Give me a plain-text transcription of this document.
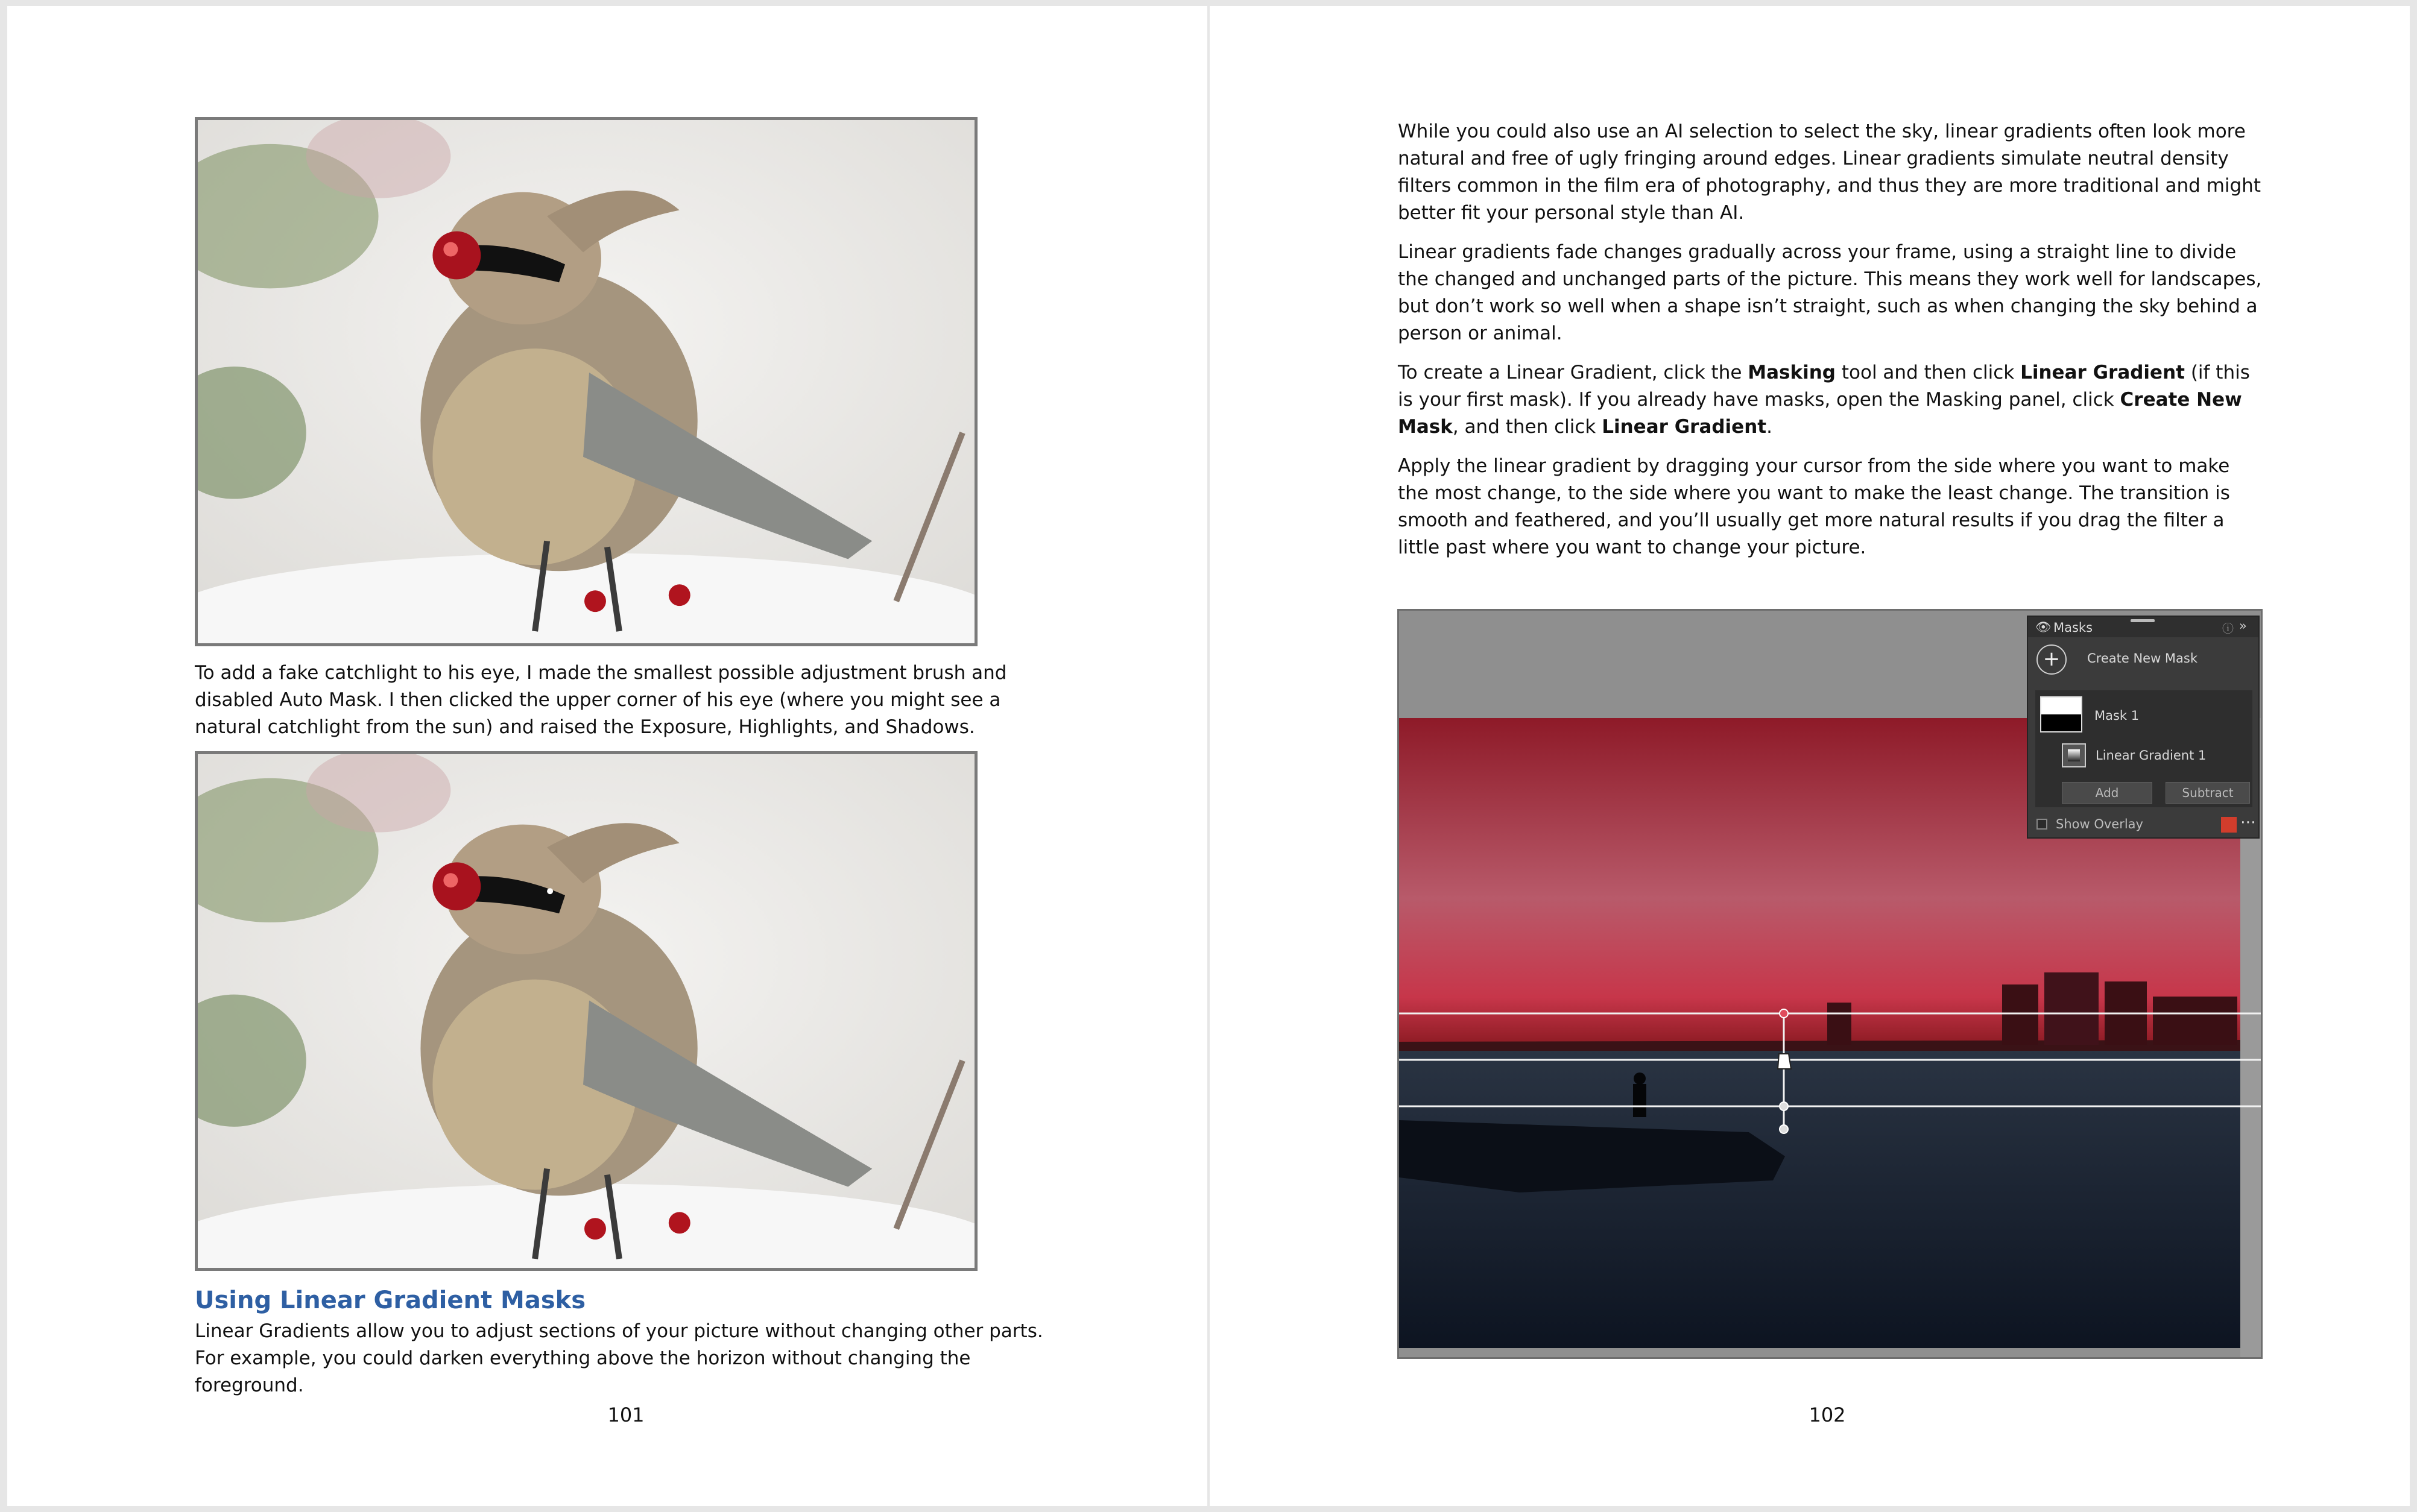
To add a fake catchlight to his eye, I made the smallest possible adjustment brush and disabled Auto Mask. I then clicked the upper corner of his eye (where you might see a natural catchlight from the sun) and raised the Exposure, Highlights, and Shadows.

Using Linear Gradient Masks

Linear Gradients allow you to adjust sections of your picture without changing other parts. For example, you could darken everything above the horizon without changing the foreground.

101

While you could also use an AI selection to select the sky, linear gradients often look more natural and free of ugly fringing around edges. Linear gradients simulate neutral density filters common in the film era of photography, and thus they are more traditional and might better fit your personal style than AI.

Linear gradients fade changes gradually across your frame, using a straight line to divide the changed and unchanged parts of the picture. This means they work well for landscapes, but don’t work so well when a shape isn’t straight, such as when changing the sky behind a person or animal.

To create a Linear Gradient, click the Masking tool and then click Linear Gradient (if this is your first mask). If you already have masks, open the Masking panel, click Create New Mask, and then click Linear Gradient.

Apply the linear gradient by dragging your cursor from the side where you want to make the most change, to the side where you want to make the least change. The transition is smooth and feathered, and you’ll usually get more natural results if you drag the filter a little past where you want to change your picture.

👁 Masks	ⓘ »
+	Create New Mask
Mask 1
Linear Gradient 1
Add	Subtract
Show Overlay	⋯
102
